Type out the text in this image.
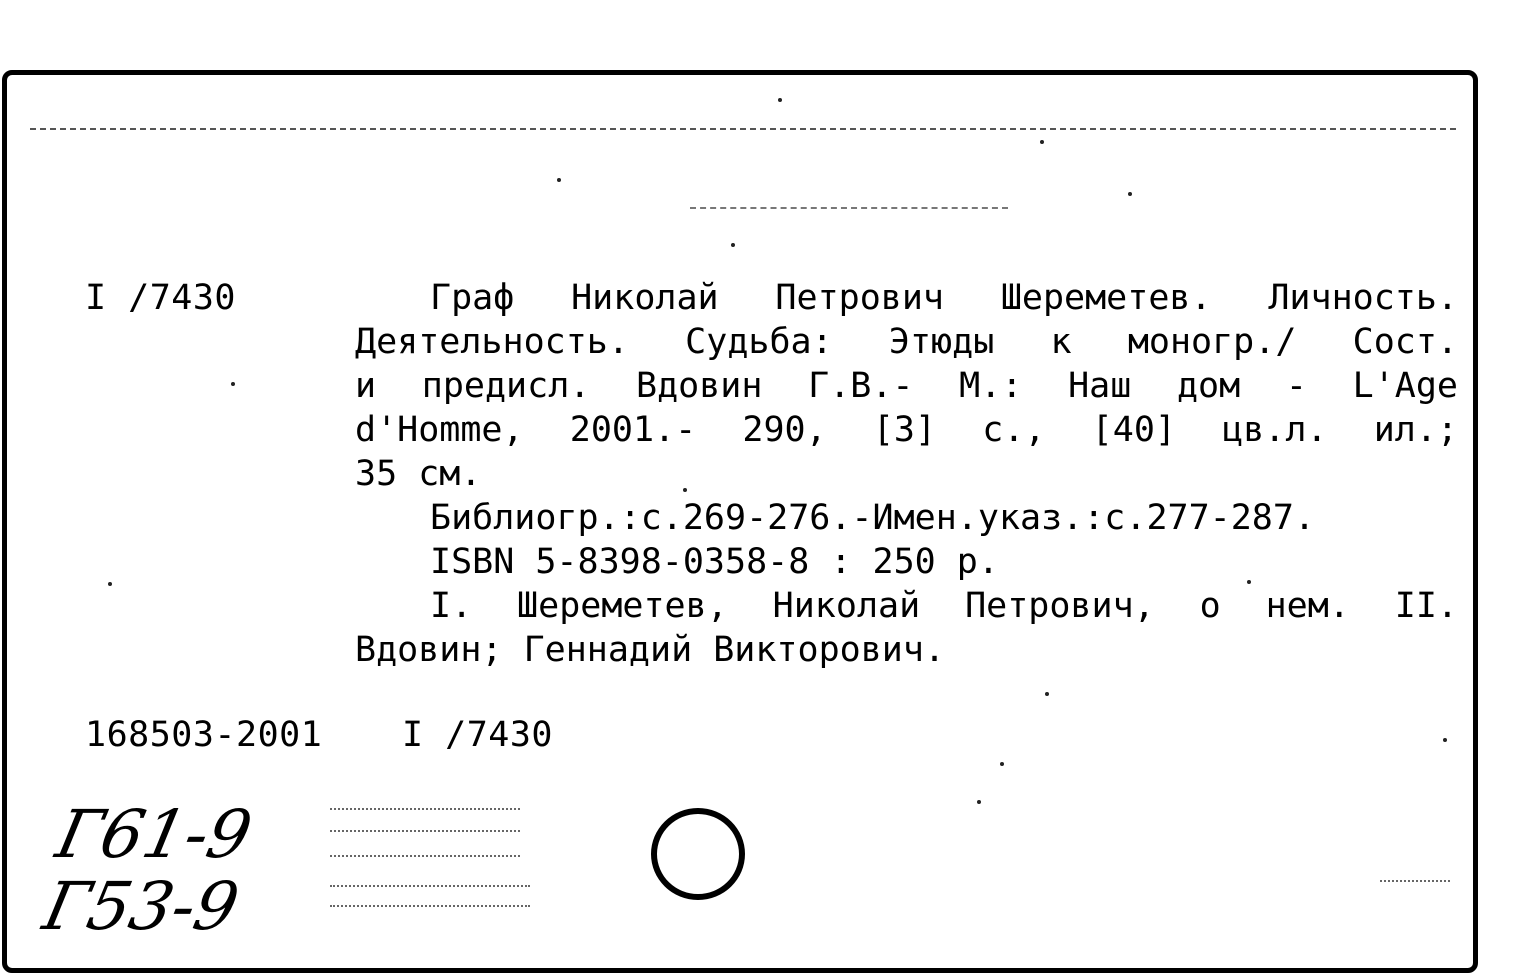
I /7430	Граф Николай Петрович Шереметев. Личность.
Деятельность. Судьба: Этюды к моногр./ Сост.
и предисл. Вдовин Г.В.- М.: Наш дом - L'Age
d'Homme, 2001.- 290, [3] с., [40] цв.л. ил.;
35 см.
Библиогр.:с.269-276.-Имен.указ.:с.277-287.
ISBN 5-8398-0358-8 : 250 р.
I. Шереметев, Николай Петрович, о нем. II.
Вдовин; Геннадий Викторович.
168503-2001 I /7430
Г61-9
Г53-9
